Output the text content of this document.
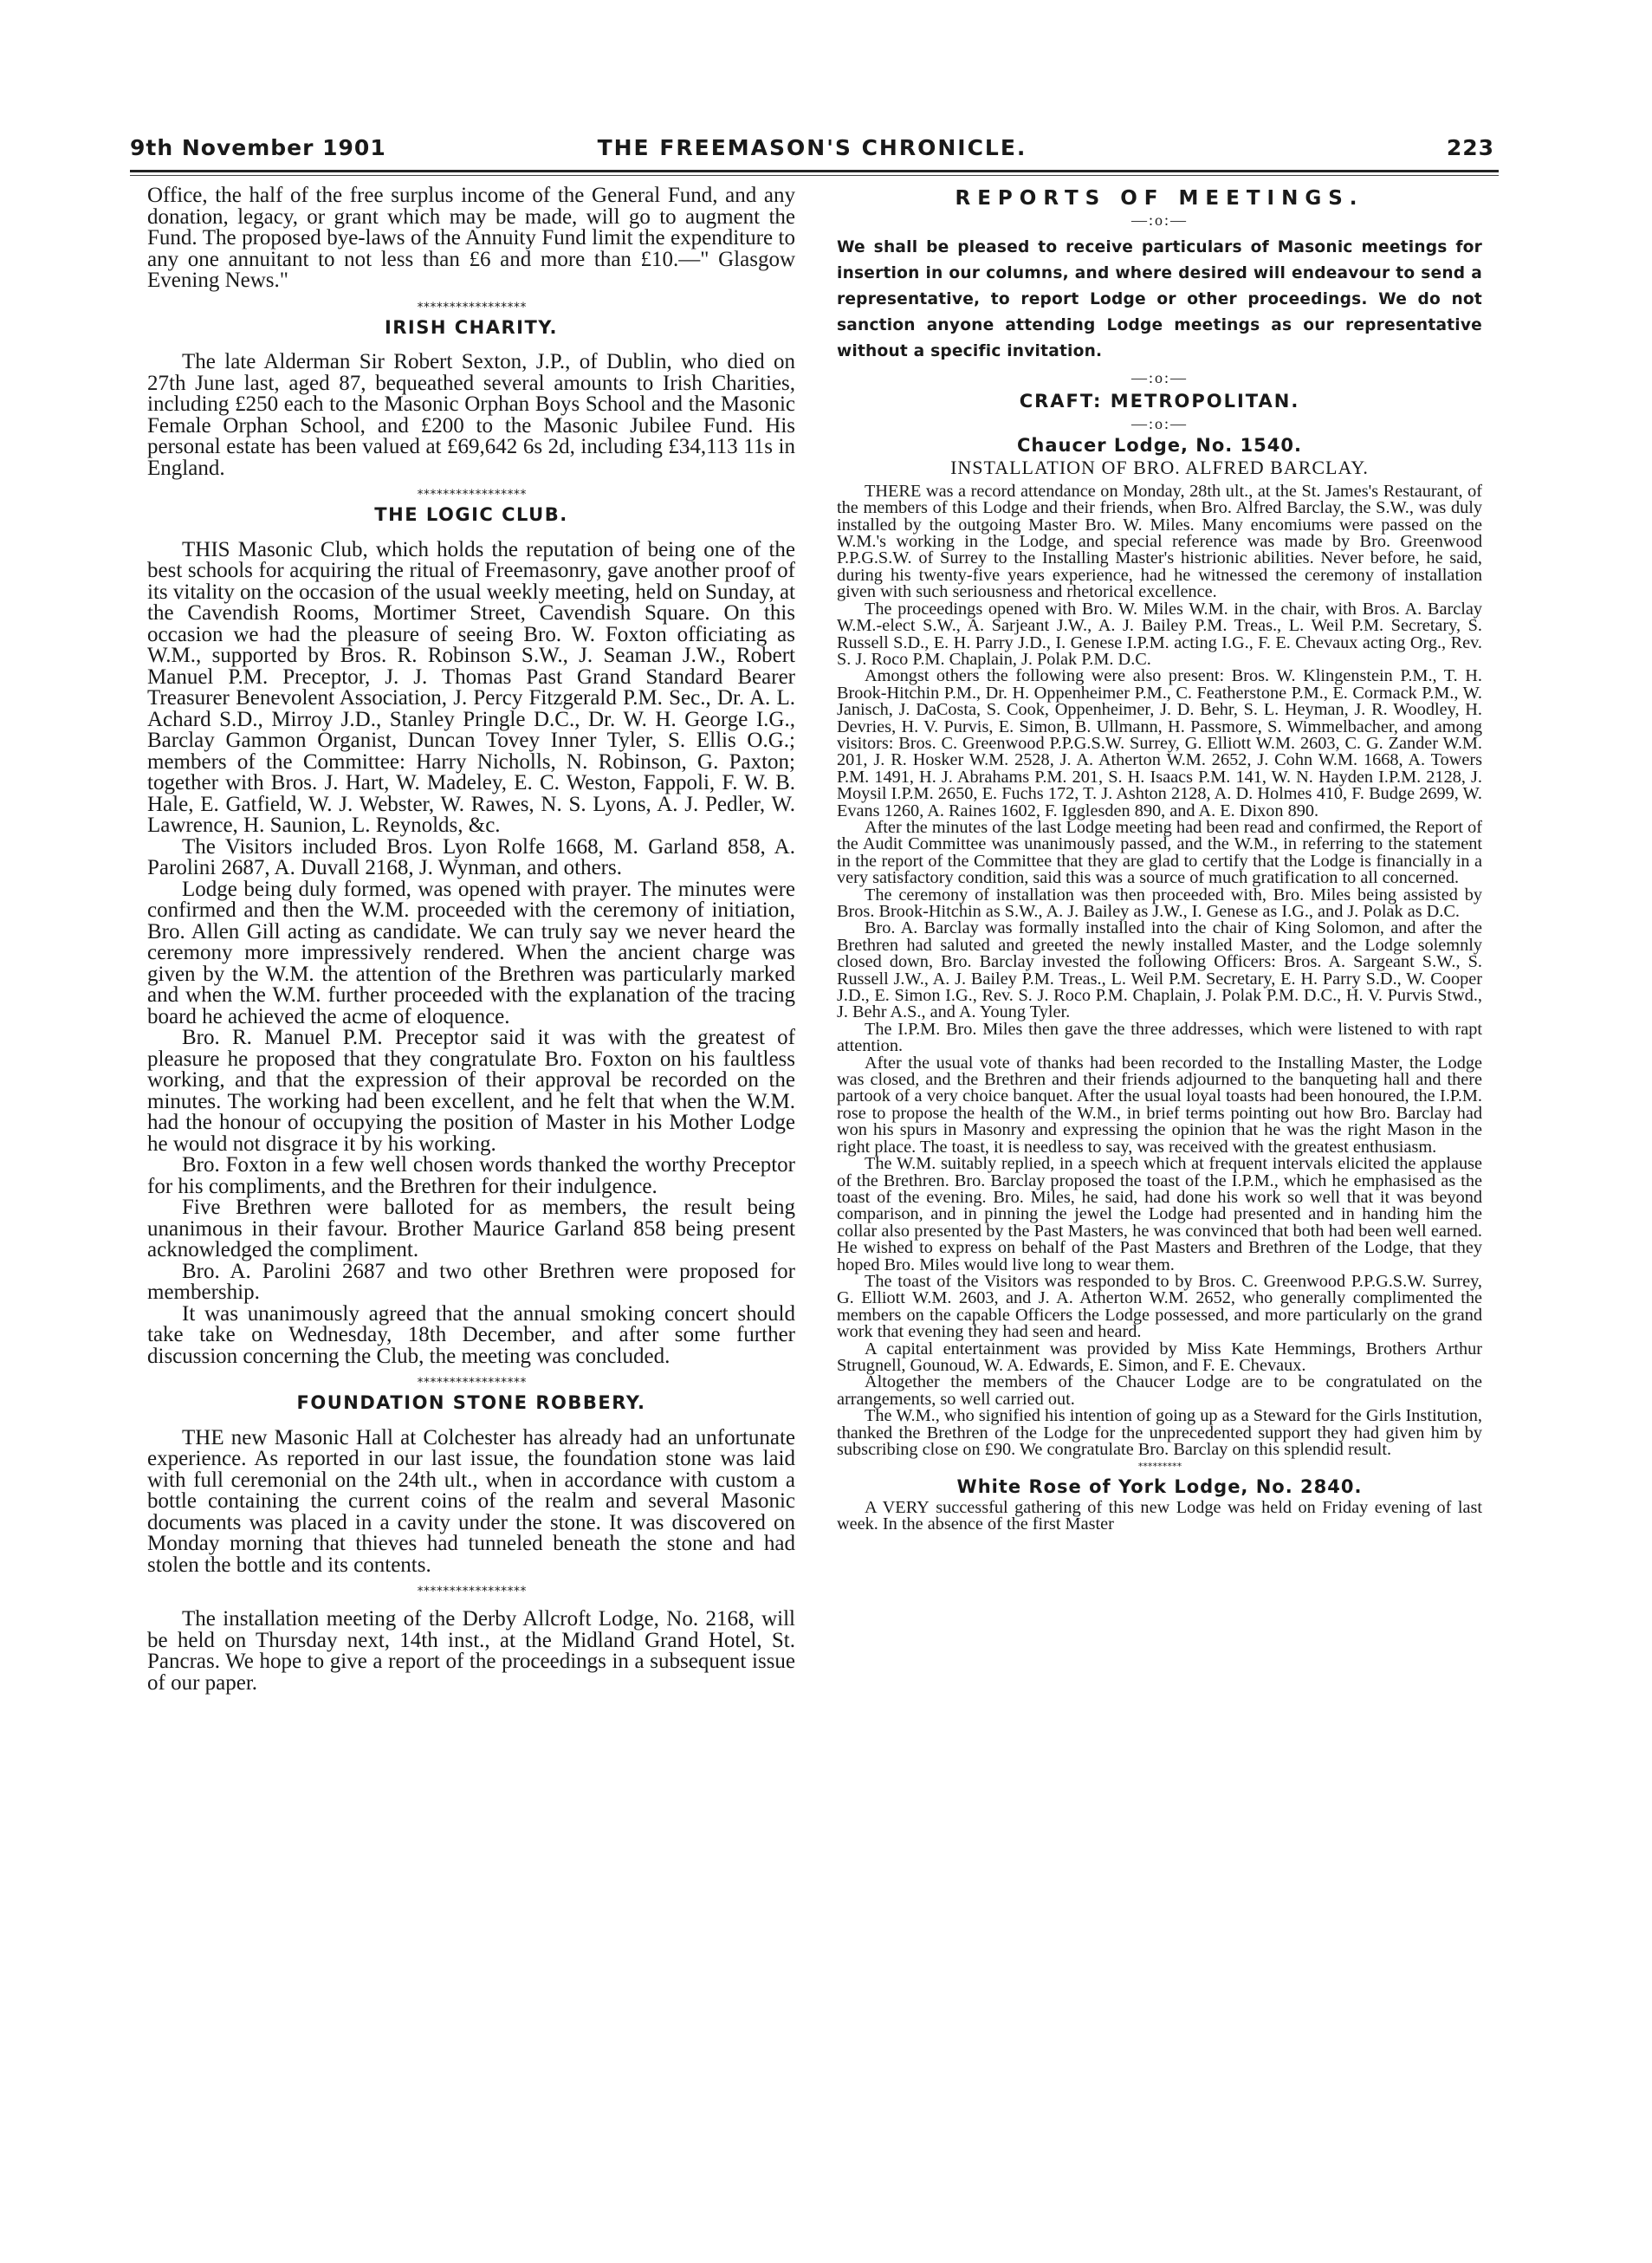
9th November 1901	THE FREEMASON'S CHRONICLE.	223

Office, the half of the free surplus income of the General Fund, and any donation, legacy, or grant which may be made, will go to augment the Fund. The proposed bye-laws of the Annuity Fund limit the expenditure to any one annuitant to not less than £6 and more than £10.—" Glasgow Evening News."

*****************
IRISH CHARITY.

The late Alderman Sir Robert Sexton, J.P., of Dublin, who died on 27th June last, aged 87, bequeathed several amounts to Irish Charities, including £250 each to the Masonic Orphan Boys School and the Masonic Female Orphan School, and £200 to the Masonic Jubilee Fund. His personal estate has been valued at £69,642 6s 2d, including £34,113 11s in England.

*****************
THE LOGIC CLUB.

THIS Masonic Club, which holds the reputation of being one of the best schools for acquiring the ritual of Freemasonry, gave another proof of its vitality on the occasion of the usual weekly meeting, held on Sunday, at the Cavendish Rooms, Mortimer Street, Cavendish Square. On this occasion we had the pleasure of seeing Bro. W. Foxton officiating as W.M., supported by Bros. R. Robinson S.W., J. Seaman J.W., Robert Manuel P.M. Preceptor, J. J. Thomas Past Grand Standard Bearer Treasurer Benevolent Association, J. Percy Fitzgerald P.M. Sec., Dr. A. L. Achard S.D., Mirroy J.D., Stanley Pringle D.C., Dr. W. H. George I.G., Barclay Gammon Organist, Duncan Tovey Inner Tyler, S. Ellis O.G.; members of the Committee: Harry Nicholls, N. Robinson, G. Paxton; together with Bros. J. Hart, W. Madeley, E. C. Weston, Fappoli, F. W. B. Hale, E. Gatfield, W. J. Webster, W. Rawes, N. S. Lyons, A. J. Pedler, W. Lawrence, H. Saunion, L. Reynolds, &c.

The Visitors included Bros. Lyon Rolfe 1668, M. Garland 858, A. Parolini 2687, A. Duvall 2168, J. Wynman, and others.

Lodge being duly formed, was opened with prayer. The minutes were confirmed and then the W.M. proceeded with the ceremony of initiation, Bro. Allen Gill acting as candidate. We can truly say we never heard the ceremony more impressively rendered. When the ancient charge was given by the W.M. the attention of the Brethren was particularly marked and when the W.M. further proceeded with the explanation of the tracing board he achieved the acme of eloquence.

Bro. R. Manuel P.M. Preceptor said it was with the greatest of pleasure he proposed that they congratulate Bro. Foxton on his faultless working, and that the expression of their approval be recorded on the minutes. The working had been excellent, and he felt that when the W.M. had the honour of occupying the position of Master in his Mother Lodge he would not disgrace it by his working.

Bro. Foxton in a few well chosen words thanked the worthy Preceptor for his compliments, and the Brethren for their indulgence.

Five Brethren were balloted for as members, the result being unanimous in their favour. Brother Maurice Garland 858 being present acknowledged the compliment.

Bro. A. Parolini 2687 and two other Brethren were proposed for membership.

It was unanimously agreed that the annual smoking concert should take take on Wednesday, 18th December, and after some further discussion concerning the Club, the meeting was concluded.

*****************
FOUNDATION STONE ROBBERY.

THE new Masonic Hall at Colchester has already had an unfortunate experience. As reported in our last issue, the foundation stone was laid with full ceremonial on the 24th ult., when in accordance with custom a bottle containing the current coins of the realm and several Masonic documents was placed in a cavity under the stone. It was discovered on Monday morning that thieves had tunneled beneath the stone and had stolen the bottle and its contents.

*****************

The installation meeting of the Derby Allcroft Lodge, No. 2168, will be held on Thursday next, 14th inst., at the Midland Grand Hotel, St. Pancras. We hope to give a report of the proceedings in a subsequent issue of our paper.

REPORTS OF MEETINGS.
—:o:—
We shall be pleased to receive particulars of Masonic meetings for insertion in our columns, and where desired will endeavour to send a representative, to report Lodge or other proceedings. We do not sanction anyone attending Lodge meetings as our representative without a specific invitation.
—:o:—
CRAFT: METROPOLITAN.
—:o:—
Chaucer Lodge, No. 1540.
INSTALLATION OF BRO. ALFRED BARCLAY.

THERE was a record attendance on Monday, 28th ult., at the St. James's Restaurant, of the members of this Lodge and their friends, when Bro. Alfred Barclay, the S.W., was duly installed by the outgoing Master Bro. W. Miles. Many encomiums were passed on the W.M.'s working in the Lodge, and special reference was made by Bro. Greenwood P.P.G.S.W. of Surrey to the Installing Master's histrionic abilities. Never before, he said, during his twenty-five years experience, had he witnessed the ceremony of installation given with such seriousness and rhetorical excellence.

The proceedings opened with Bro. W. Miles W.M. in the chair, with Bros. A. Barclay W.M.-elect S.W., A. Sarjeant J.W., A. J. Bailey P.M. Treas., L. Weil P.M. Secretary, S. Russell S.D., E. H. Parry J.D., I. Genese I.P.M. acting I.G., F. E. Chevaux acting Org., Rev. S. J. Roco P.M. Chaplain, J. Polak P.M. D.C.

Amongst others the following were also present: Bros. W. Klingenstein P.M., T. H. Brook-Hitchin P.M., Dr. H. Oppenheimer P.M., C. Featherstone P.M., E. Cormack P.M., W. Janisch, J. DaCosta, S. Cook, Oppenheimer, J. D. Behr, S. L. Heyman, J. R. Woodley, H. Devries, H. V. Purvis, E. Simon, B. Ullmann, H. Passmore, S. Wimmelbacher, and among visitors: Bros. C. Greenwood P.P.G.S.W. Surrey, G. Elliott W.M. 2603, C. G. Zander W.M. 201, J. R. Hosker W.M. 2528, J. A. Atherton W.M. 2652, J. Cohn W.M. 1668, A. Towers P.M. 1491, H. J. Abrahams P.M. 201, S. H. Isaacs P.M. 141, W. N. Hayden I.P.M. 2128, J. Moysil I.P.M. 2650, E. Fuchs 172, T. J. Ashton 2128, A. D. Holmes 410, F. Budge 2699, W. Evans 1260, A. Raines 1602, F. Igglesden 890, and A. E. Dixon 890.

After the minutes of the last Lodge meeting had been read and confirmed, the Report of the Audit Committee was unanimously passed, and the W.M., in referring to the statement in the report of the Committee that they are glad to certify that the Lodge is financially in a very satisfactory condition, said this was a source of much gratification to all concerned.

The ceremony of installation was then proceeded with, Bro. Miles being assisted by Bros. Brook-Hitchin as S.W., A. J. Bailey as J.W., I. Genese as I.G., and J. Polak as D.C.

Bro. A. Barclay was formally installed into the chair of King Solomon, and after the Brethren had saluted and greeted the newly installed Master, and the Lodge solemnly closed down, Bro. Barclay invested the following Officers: Bros. A. Sargeant S.W., S. Russell J.W., A. J. Bailey P.M. Treas., L. Weil P.M. Secretary, E. H. Parry S.D., W. Cooper J.D., E. Simon I.G., Rev. S. J. Roco P.M. Chaplain, J. Polak P.M. D.C., H. V. Purvis Stwd., J. Behr A.S., and A. Young Tyler.

The I.P.M. Bro. Miles then gave the three addresses, which were listened to with rapt attention.

After the usual vote of thanks had been recorded to the Installing Master, the Lodge was closed, and the Brethren and their friends adjourned to the banqueting hall and there partook of a very choice banquet. After the usual loyal toasts had been honoured, the I.P.M. rose to propose the health of the W.M., in brief terms pointing out how Bro. Barclay had won his spurs in Masonry and expressing the opinion that he was the right Mason in the right place. The toast, it is needless to say, was received with the greatest enthusiasm.

The W.M. suitably replied, in a speech which at frequent intervals elicited the applause of the Brethren. Bro. Barclay proposed the toast of the I.P.M., which he emphasised as the toast of the evening. Bro. Miles, he said, had done his work so well that it was beyond comparison, and in pinning the jewel the Lodge had presented and in handing him the collar also presented by the Past Masters, he was convinced that both had been well earned. He wished to express on behalf of the Past Masters and Brethren of the Lodge, that they hoped Bro. Miles would live long to wear them.

The toast of the Visitors was responded to by Bros. C. Greenwood P.P.G.S.W. Surrey, G. Elliott W.M. 2603, and J. A. Atherton W.M. 2652, who generally complimented the members on the capable Officers the Lodge possessed, and more particularly on the grand work that evening they had seen and heard.

A capital entertainment was provided by Miss Kate Hemmings, Brothers Arthur Strugnell, Gounoud, W. A. Edwards, E. Simon, and F. E. Chevaux.

Altogether the members of the Chaucer Lodge are to be congratulated on the arrangements, so well carried out.

The W.M., who signified his intention of going up as a Steward for the Girls Institution, thanked the Brethren of the Lodge for the unprecedented support they had given him by subscribing close on £90. We congratulate Bro. Barclay on this splendid result.

*********
White Rose of York Lodge, No. 2840.

A VERY successful gathering of this new Lodge was held on Friday evening of last week. In the absence of the first Master
